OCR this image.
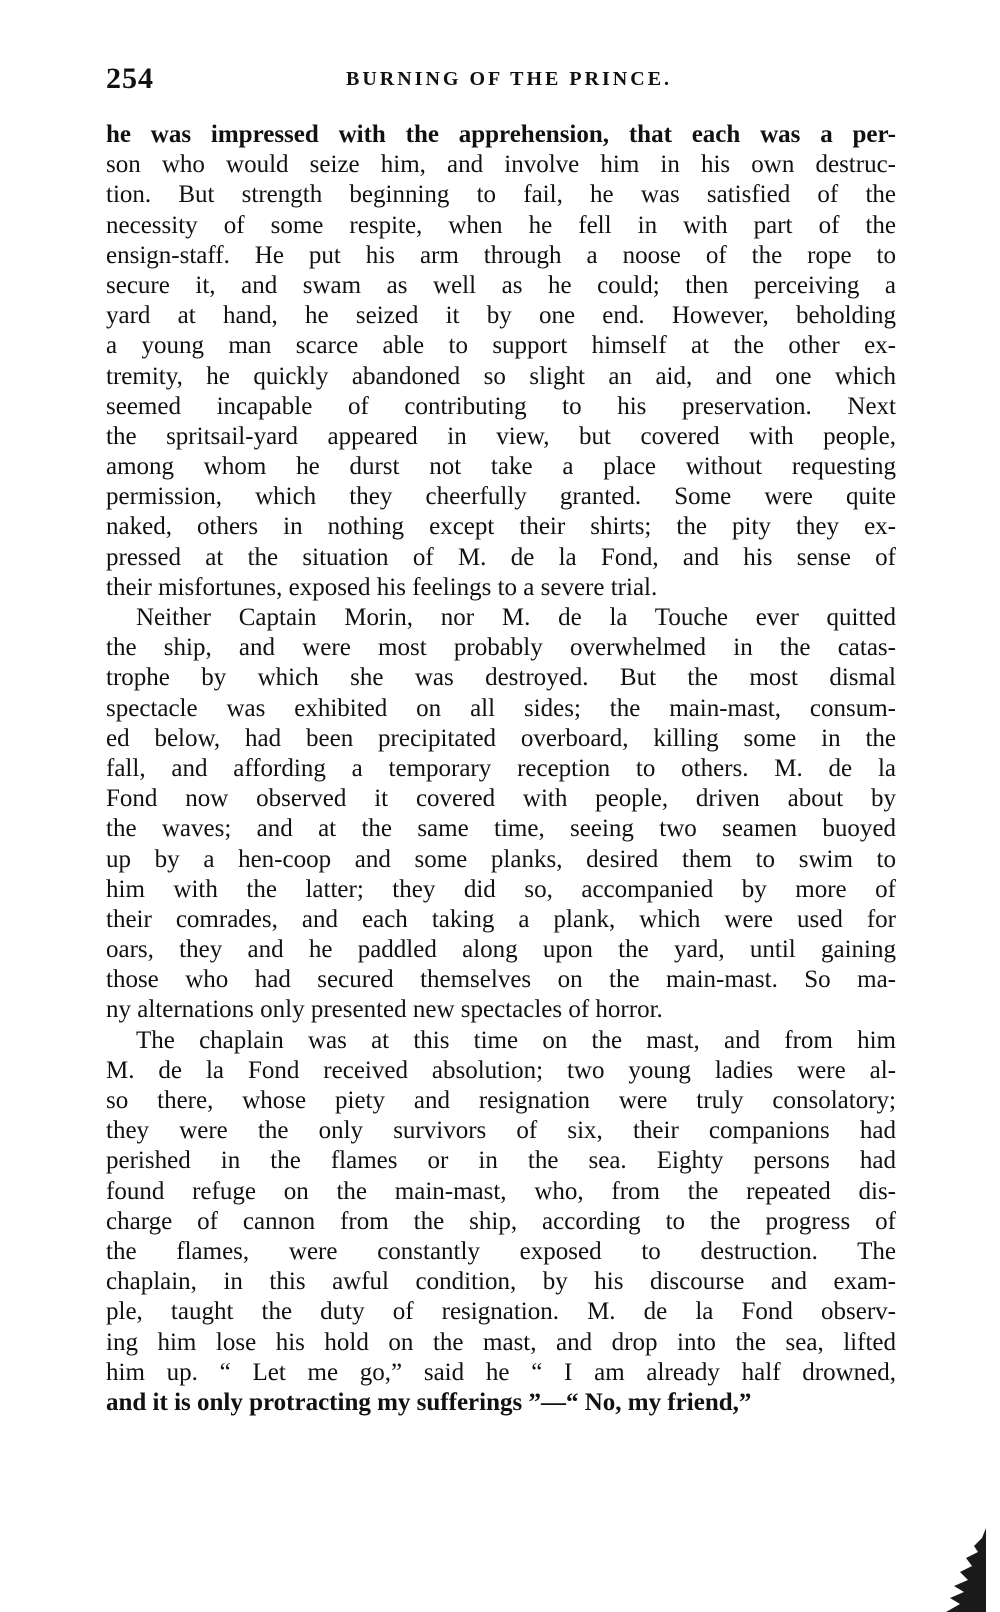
254	BURNING OF THE PRINCE.
he was impressed with the apprehension, that each was a per-
son who would seize him, and involve him in his own destruc-
tion. But strength beginning to fail, he was satisfied of the
necessity of some respite, when he fell in with part of the
ensign-staff. He put his arm through a noose of the rope to
secure it, and swam as well as he could; then perceiving a
yard at hand, he seized it by one end. However, beholding
a young man scarce able to support himself at the other ex-
tremity, he quickly abandoned so slight an aid, and one which
seemed incapable of contributing to his preservation. Next
the spritsail-yard appeared in view, but covered with people,
among whom he durst not take a place without requesting
permission, which they cheerfully granted. Some were quite
naked, others in nothing except their shirts; the pity they ex-
pressed at the situation of M. de la Fond, and his sense of
their misfortunes, exposed his feelings to a severe trial.
Neither Captain Morin, nor M. de la Touche ever quitted
the ship, and were most probably overwhelmed in the catas-
trophe by which she was destroyed. But the most dismal
spectacle was exhibited on all sides; the main-mast, consum-
ed below, had been precipitated overboard, killing some in the
fall, and affording a temporary reception to others. M. de la
Fond now observed it covered with people, driven about by
the waves; and at the same time, seeing two seamen buoyed
up by a hen-coop and some planks, desired them to swim to
him with the latter; they did so, accompanied by more of
their comrades, and each taking a plank, which were used for
oars, they and he paddled along upon the yard, until gaining
those who had secured themselves on the main-mast. So ma-
ny alternations only presented new spectacles of horror.
The chaplain was at this time on the mast, and from him
M. de la Fond received absolution; two young ladies were al-
so there, whose piety and resignation were truly consolatory;
they were the only survivors of six, their companions had
perished in the flames or in the sea. Eighty persons had
found refuge on the main-mast, who, from the repeated dis-
charge of cannon from the ship, according to the progress of
the flames, were constantly exposed to destruction. The
chaplain, in this awful condition, by his discourse and exam-
ple, taught the duty of resignation. M. de la Fond observ-
ing him lose his hold on the mast, and drop into the sea, lifted
him up. “ Let me go,” said he “ I am already half drowned,
and it is only protracting my sufferings ”—“ No, my friend,”
